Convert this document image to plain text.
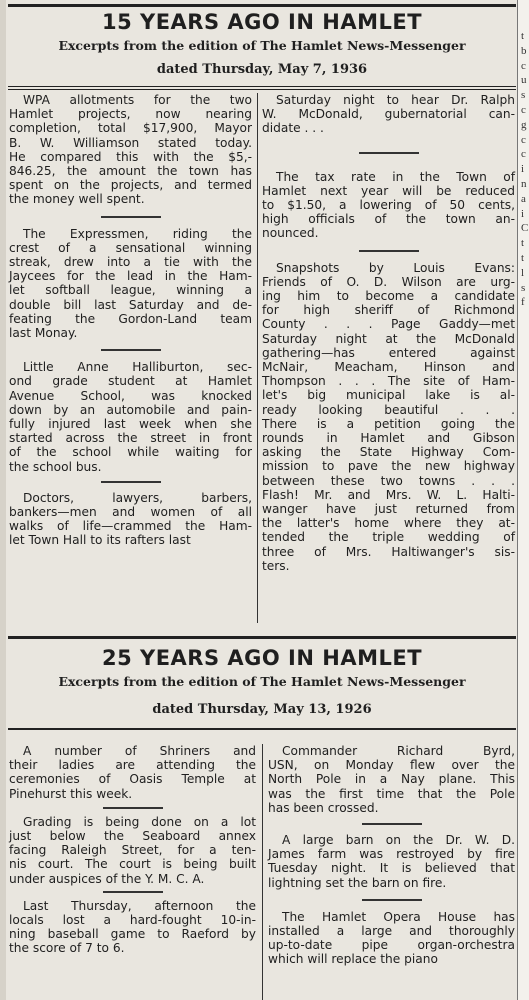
t
b
c
u
s
c
g
c
c
i
n
a
i
C
t
t
l
s
f
15 YEARS AGO IN HAMLET
Excerpts from the edition of The Hamlet News-Messenger
dated Thursday, May 7, 1936

WPA allotments for the two

Hamlet projects, now nearing

completion, total $17,900, Mayor

B. W. Williamson stated today.

He compared this with the $5,-

846.25, the amount the town has

spent on the projects, and termed

the money well spent.

The Expressmen, riding the

crest of a sensational winning

streak, drew into a tie with the

Jaycees for the lead in the Ham-

let softball league, winning a

double bill last Saturday and de-

feating the Gordon-Land team

last Monay.

Little Anne Halliburton, sec-

ond grade student at Hamlet

Avenue School, was knocked

down by an automobile and pain-

fully injured last week when she

started across the street in front

of the school while waiting for

the school bus.

Doctors, lawyers, barbers,

bankers—men and women of all

walks of life—crammed the Ham-

let Town Hall to its rafters last

Saturday night to hear Dr. Ralph

W. McDonald, gubernatorial can-

didate . . .

The tax rate in the Town of

Hamlet next year will be reduced

to $1.50, a lowering of 50 cents,

high officials of the town an-

nounced.

Snapshots by Louis Evans:

Friends of O. D. Wilson are urg-

ing him to become a candidate

for high sheriff of Richmond

County . . . Page Gaddy—met

Saturday night at the McDonald

gathering—has entered against

McNair, Meacham, Hinson and

Thompson . . . The site of Ham-

let's big municipal lake is al-

ready looking beautiful . . .

There is a petition going the

rounds in Hamlet and Gibson

asking the State Highway Com-

mission to pave the new highway

between these two towns . . .

Flash! Mr. and Mrs. W. L. Halti-

wanger have just returned from

the latter's home where they at-

tended the triple wedding of

three of Mrs. Haltiwanger's sis-

ters.

25 YEARS AGO IN HAMLET
Excerpts from the edition of The Hamlet News-Messenger
dated Thursday, May 13, 1926

A number of Shriners and

their ladies are attending the

ceremonies of Oasis Temple at

Pinehurst this week.

Grading is being done on a lot

just below the Seaboard annex

facing Raleigh Street, for a ten-

nis court. The court is being built

under auspices of the Y. M. C. A.

Last Thursday, afternoon the

locals lost a hard-fought 10-in-

ning baseball game to Raeford by

the score of 7 to 6.

Commander Richard Byrd,

USN, on Monday flew over the

North Pole in a Nay plane. This

was the first time that the Pole

has been crossed.

A large barn on the Dr. W. D.

James farm was restroyed by fire

Tuesday night. It is believed that

lightning set the barn on fire.

The Hamlet Opera House has

installed a large and thoroughly

up-to-date pipe organ-orchestra

which will replace the piano
